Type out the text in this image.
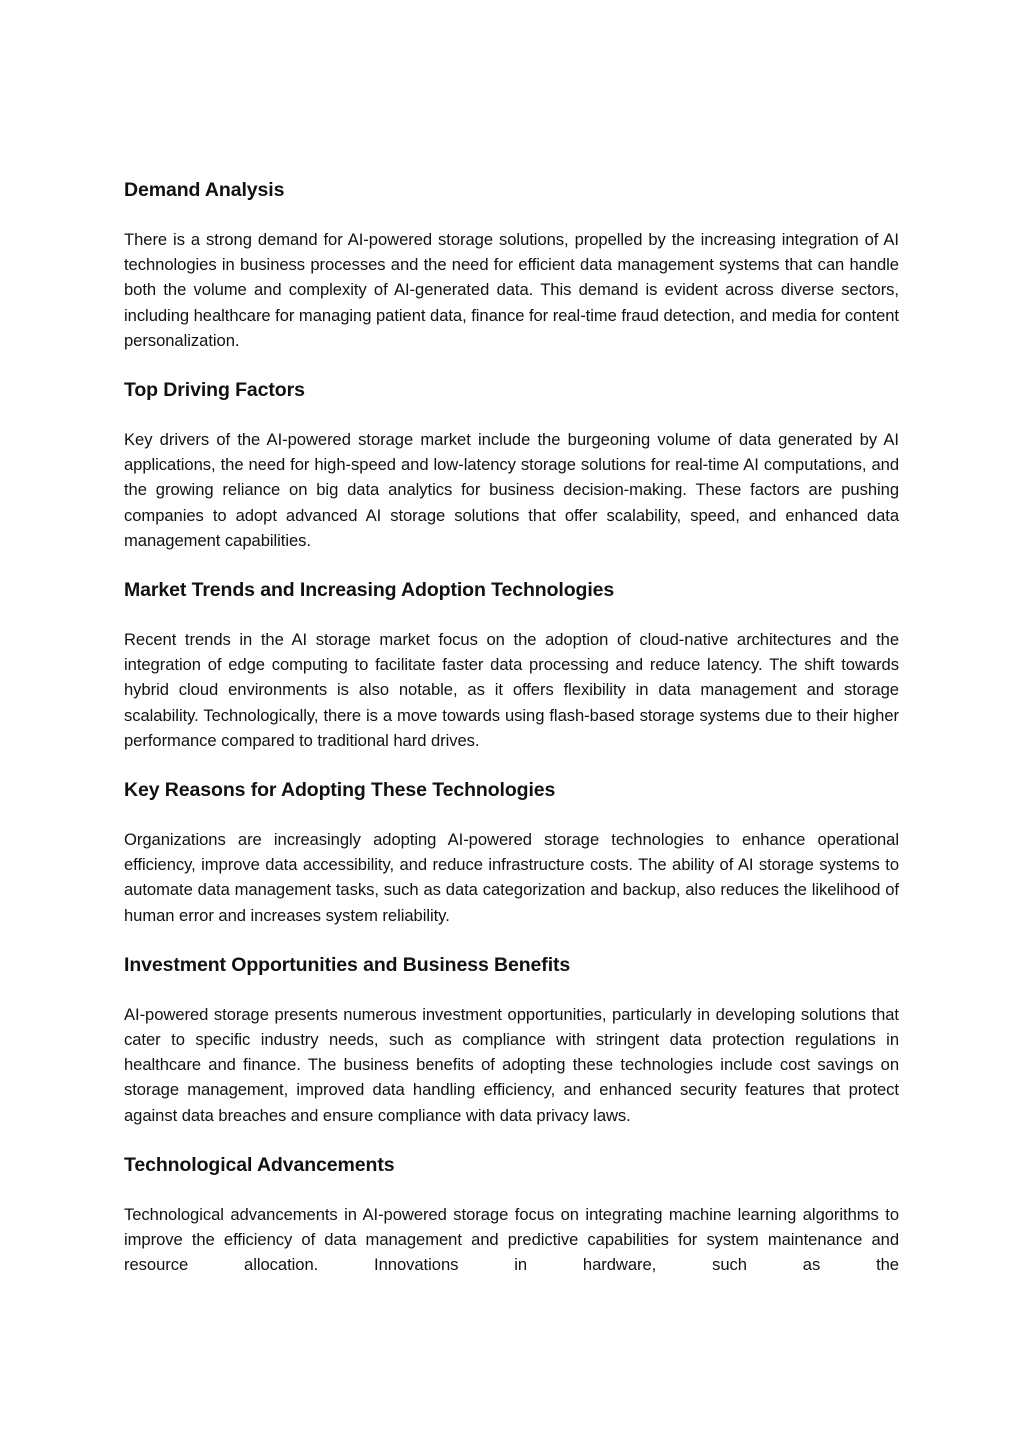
Demand Analysis

There is a strong demand for AI-powered storage solutions, propelled by the increasing integration of AI technologies in business processes and the need for efficient data management systems that can handle both the volume and complexity of AI-generated data. This demand is evident across diverse sectors, including healthcare for managing patient data, finance for real-time fraud detection, and media for content personalization.

Top Driving Factors

Key drivers of the AI-powered storage market include the burgeoning volume of data generated by AI applications, the need for high-speed and low-latency storage solutions for real-time AI computations, and the growing reliance on big data analytics for business decision-making. These factors are pushing companies to adopt advanced AI storage solutions that offer scalability, speed, and enhanced data management capabilities.

Market Trends and Increasing Adoption Technologies

Recent trends in the AI storage market focus on the adoption of cloud-native architectures and the integration of edge computing to facilitate faster data processing and reduce latency. The shift towards hybrid cloud environments is also notable, as it offers flexibility in data management and storage scalability. Technologically, there is a move towards using flash-based storage systems due to their higher performance compared to traditional hard drives.

Key Reasons for Adopting These Technologies

Organizations are increasingly adopting AI-powered storage technologies to enhance operational efficiency, improve data accessibility, and reduce infrastructure costs. The ability of AI storage systems to automate data management tasks, such as data categorization and backup, also reduces the likelihood of human error and increases system reliability.

Investment Opportunities and Business Benefits

AI-powered storage presents numerous investment opportunities, particularly in developing solutions that cater to specific industry needs, such as compliance with stringent data protection regulations in healthcare and finance. The business benefits of adopting these technologies include cost savings on storage management, improved data handling efficiency, and enhanced security features that protect against data breaches and ensure compliance with data privacy laws.

Technological Advancements

Technological advancements in AI-powered storage focus on integrating machine learning algorithms to improve the efficiency of data management and predictive capabilities for system maintenance and resource allocation. Innovations in hardware, such as the
